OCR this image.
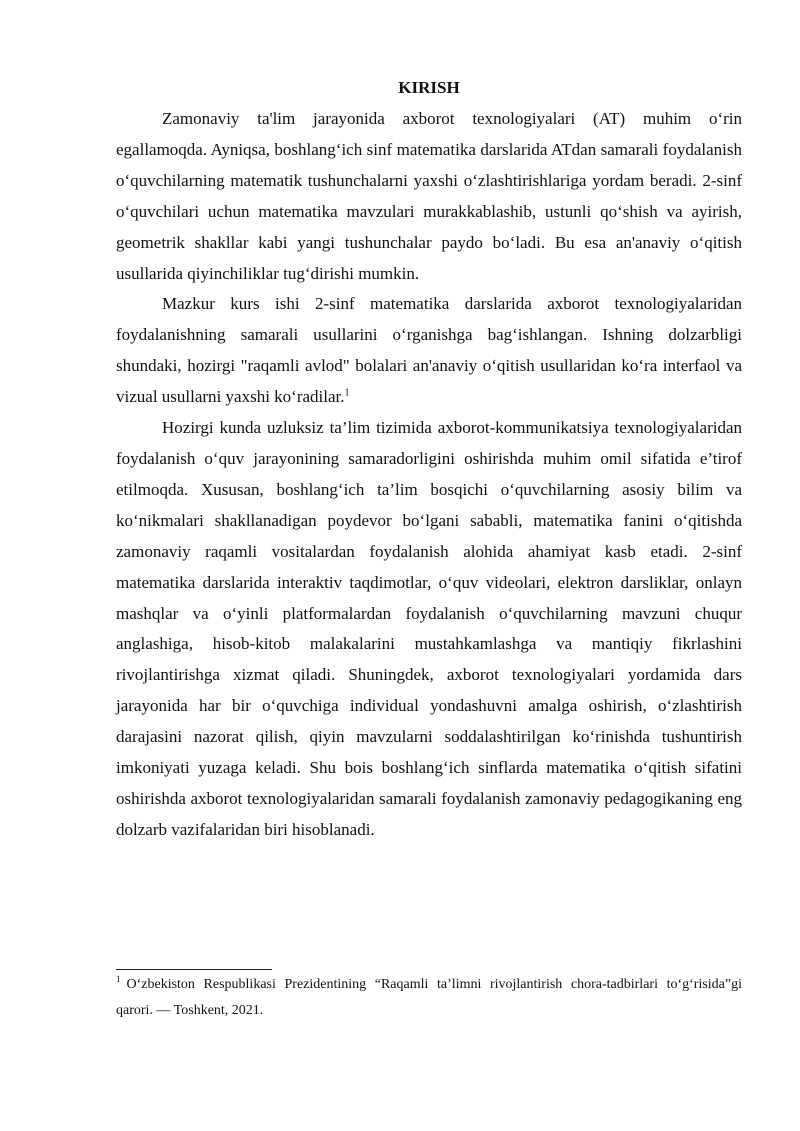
KIRISH

Zamonaviy ta'lim jarayonida axborot texnologiyalari (AT) muhim o‘rin egallamoqda. Ayniqsa, boshlang‘ich sinf matematika darslarida ATdan samarali foydalanish o‘quvchilarning matematik tushunchalarni yaxshi o‘zlashtirishlariga yordam beradi. 2-sinf o‘quvchilari uchun matematika mavzulari murakkablashib, ustunli qo‘shish va ayirish, geometrik shakllar kabi yangi tushunchalar paydo bo‘ladi. Bu esa an'anaviy o‘qitish usullarida qiyinchiliklar tug‘dirishi mumkin.

Mazkur kurs ishi 2-sinf matematika darslarida axborot texnologiyalaridan foydalanishning samarali usullarini o‘rganishga bag‘ishlangan. Ishning dolzarbligi shundaki, hozirgi "raqamli avlod" bolalari an'anaviy o‘qitish usullaridan ko‘ra interfaol va vizual usullarni yaxshi ko‘radilar.$^1$

Hozirgi kunda uzluksiz ta’lim tizimida axborot-kommunikatsiya texnologiyalaridan foydalanish o‘quv jarayonining samaradorligini oshirishda muhim omil sifatida e’tirof etilmoqda. Xususan, boshlang‘ich ta’lim bosqichi o‘quvchilarning asosiy bilim va ko‘nikmalari shakllanadigan poydevor bo‘lgani sababli, matematika fanini o‘qitishda zamonaviy raqamli vositalardan foydalanish alohida ahamiyat kasb etadi. 2-sinf matematika darslarida interaktiv taqdimotlar, o‘quv videolari, elektron darsliklar, onlayn mashqlar va o‘yinli platformalardan foydalanish o‘quvchilarning mavzuni chuqur anglashiga, hisob-kitob malakalarini mustahkamlashga va mantiqiy fikrlashini rivojlantirishga xizmat qiladi. Shuningdek, axborot texnologiyalari yordamida dars jarayonida har bir o‘quvchiga individual yondashuvni amalga oshirish, o‘zlashtirish darajasini nazorat qilish, qiyin mavzularni soddalashtirilgan ko‘rinishda tushuntirish imkoniyati yuzaga keladi. Shu bois boshlang‘ich sinflarda matematika o‘qitish sifatini oshirishda axborot texnologiyalaridan samarali foydalanish zamonaviy pedagogikaning eng dolzarb vazifalaridan biri hisoblanadi.

$^1$ O‘zbekiston Respublikasi Prezidentining “Raqamli ta’limni rivojlantirish chora-tadbirlari to‘g‘risida”gi qarori. — Toshkent, 2021.
